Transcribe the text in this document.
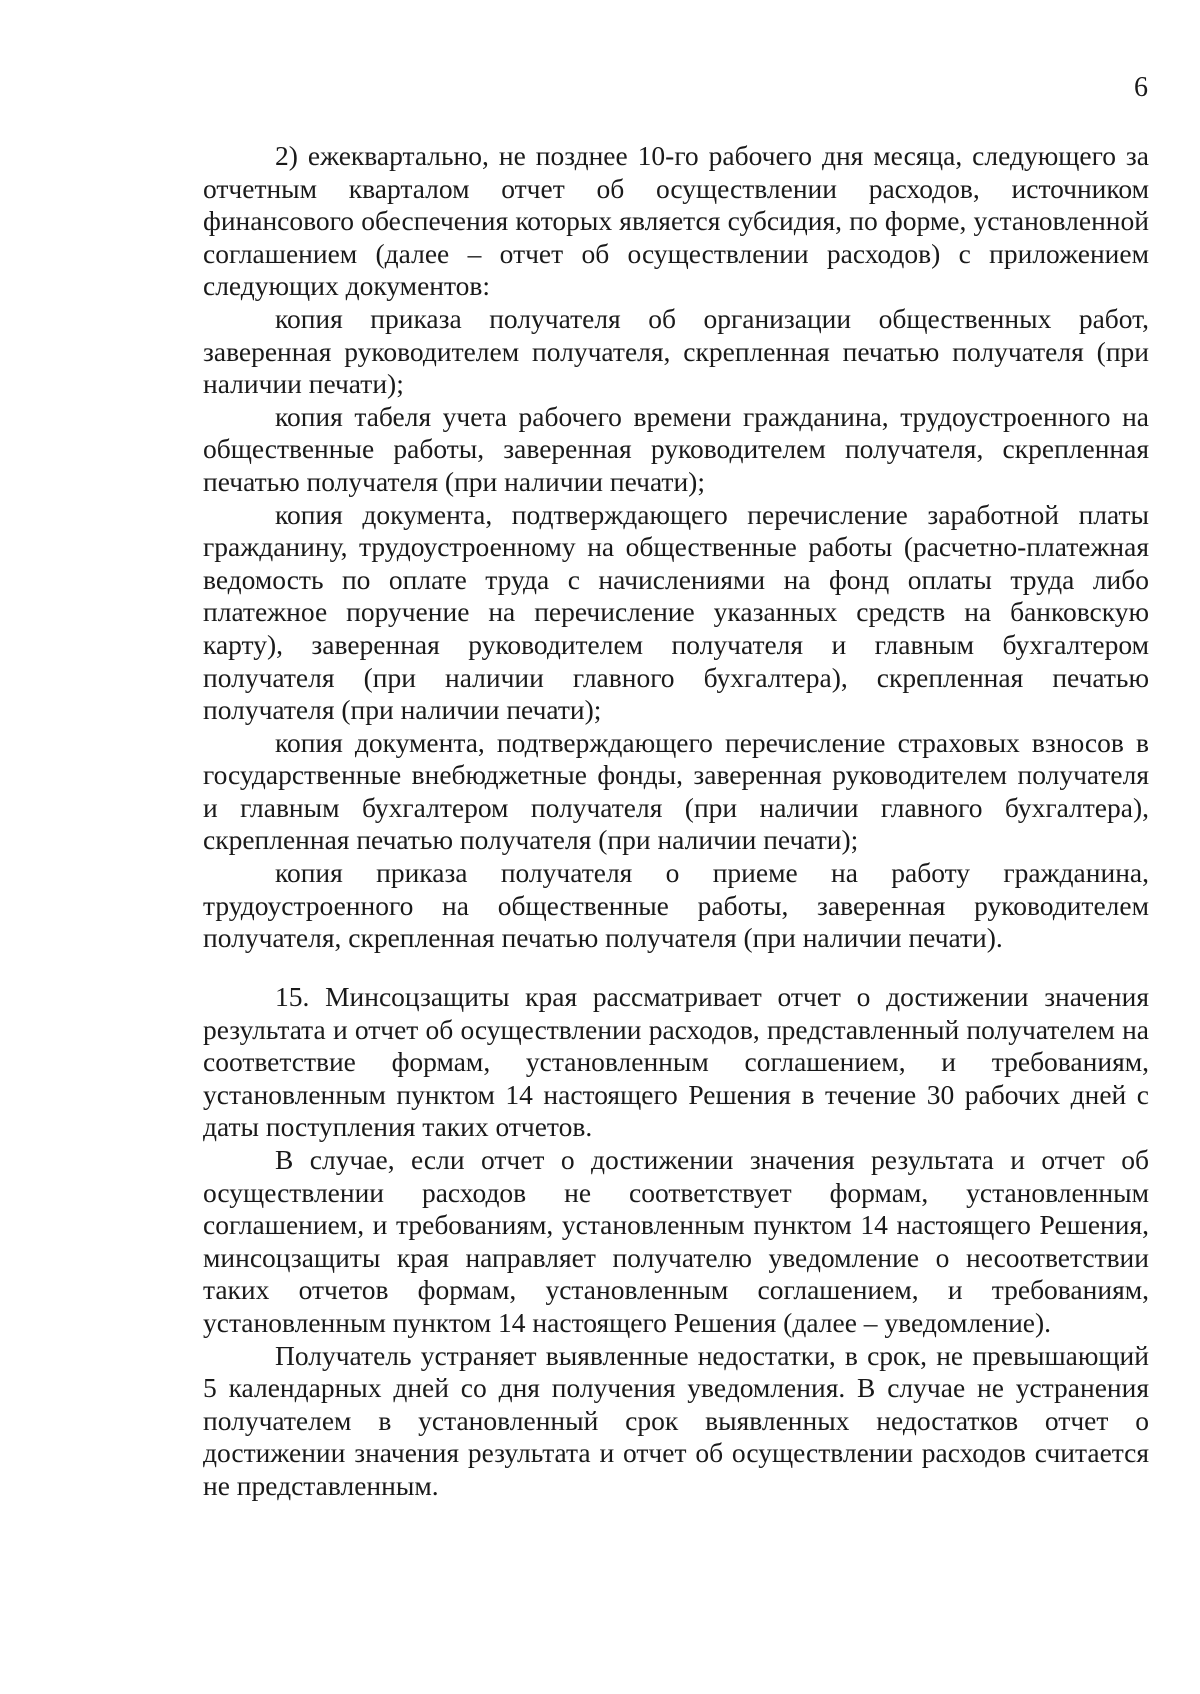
6

2) ежеквартально, не позднее 10-го рабочего дня месяца, следующего за отчетным кварталом отчет об осуществлении расходов, источником финансового обеспечения которых является субсидия, по форме, установленной соглашением (далее – отчет об осуществлении расходов) с приложением следующих документов:

копия приказа получателя об организации общественных работ, заверенная руководителем получателя, скрепленная печатью получателя (при наличии печати);

копия табеля учета рабочего времени гражданина, трудоустроенного на общественные работы, заверенная руководителем получателя, скрепленная печатью получателя (при наличии печати);

копия документа, подтверждающего перечисление заработной платы гражданину, трудоустроенному на общественные работы (расчетно-платежная ведомость по оплате труда с начислениями на фонд оплаты труда либо платежное поручение на перечисление указанных средств на банковскую карту), заверенная руководителем получателя и главным бухгалтером получателя (при наличии главного бухгалтера), скрепленная печатью получателя (при наличии печати);

копия документа, подтверждающего перечисление страховых взносов в государственные внебюджетные фонды, заверенная руководителем получателя и главным бухгалтером получателя (при наличии главного бухгалтера), скрепленная печатью получателя (при наличии печати);

копия приказа получателя о приеме на работу гражданина, трудоустроенного на общественные работы, заверенная руководителем получателя, скрепленная печатью получателя (при наличии печати).

15. Минсоцзащиты края рассматривает отчет о достижении значения результата и отчет об осуществлении расходов, представленный получателем на соответствие формам, установленным соглашением, и требованиям, установленным пунктом 14 настоящего Решения в течение 30 рабочих дней с даты поступления таких отчетов.

В случае, если отчет о достижении значения результата и отчет об осуществлении расходов не соответствует формам, установленным соглашением, и требованиям, установленным пунктом 14 настоящего Решения, минсоцзащиты края направляет получателю уведомление о несоответствии таких отчетов формам, установленным соглашением, и требованиям, установленным пунктом 14 настоящего Решения (далее – уведомление).

Получатель устраняет выявленные недостатки, в срок, не превышающий 5 календарных дней со дня получения уведомления. В случае не устранения получателем в установленный срок выявленных недостатков отчет о достижении значения результата и отчет об осуществлении расходов считается не представленным.
